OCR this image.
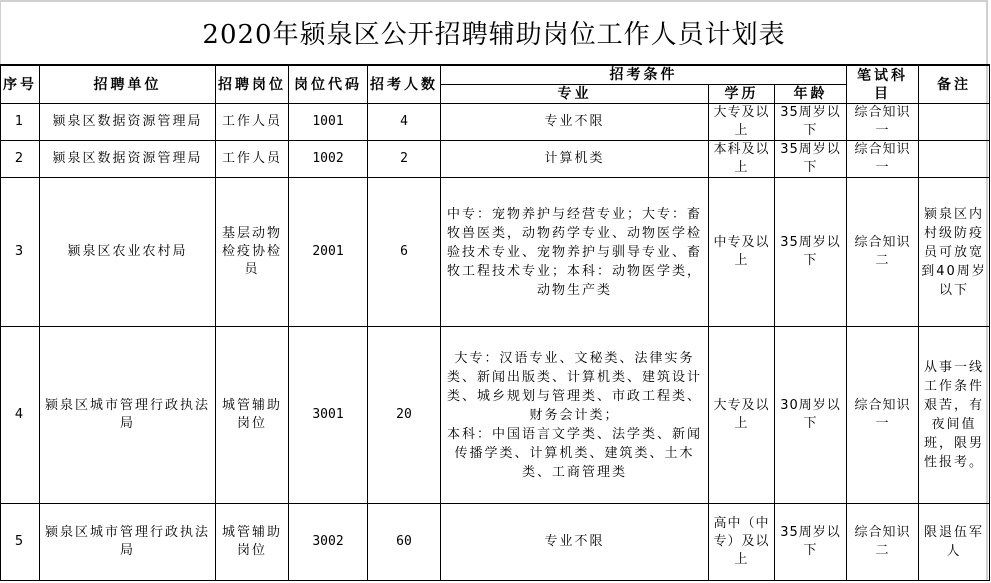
2020年颍泉区公开招聘辅助岗位工作人员计划表
序号	招聘单位	招聘岗位	岗位代码	招考人数	招考条件			笔试科目	备注
					专业	学历	年龄		
1	颍泉区数据资源管理局	工作人员	1001	4	专业不限	大专及以上	35周岁以下	综合知识一	
2	颍泉区数据资源管理局	工作人员	1002	2	计算机类	本科及以上	35周岁以下	综合知识一	
3	颍泉区农业农村局	基层动物检疫协检员	2001	6	中专：宠物养护与经营专业；大专：畜牧兽医类，动物药学专业、动物医学检验技术专业、宠物养护与驯导专业、畜牧工程技术专业；本科：动物医学类，动物生产类	中专及以上	35周岁以下	综合知识二	颍泉区内村级防疫员可放宽到40周岁以下
4	颍泉区城市管理行政执法局	城管辅助岗位	3001	20	大专：汉语专业、文秘类、法律实务类、新闻出版类、计算机类、建筑设计类、城乡规划与管理类、市政工程类、财务会计类；
本科：中国语言文学类、法学类、新闻传播学类、计算机类、建筑类、土木类、工商管理类	大专及以上	30周岁以下	综合知识一	从事一线工作条件艰苦，有夜间值班，限男性报考。
5	颍泉区城市管理行政执法局	城管辅助岗位	3002	60	专业不限	高中（中专）及以上	35周岁以下	综合知识二	限退伍军人
